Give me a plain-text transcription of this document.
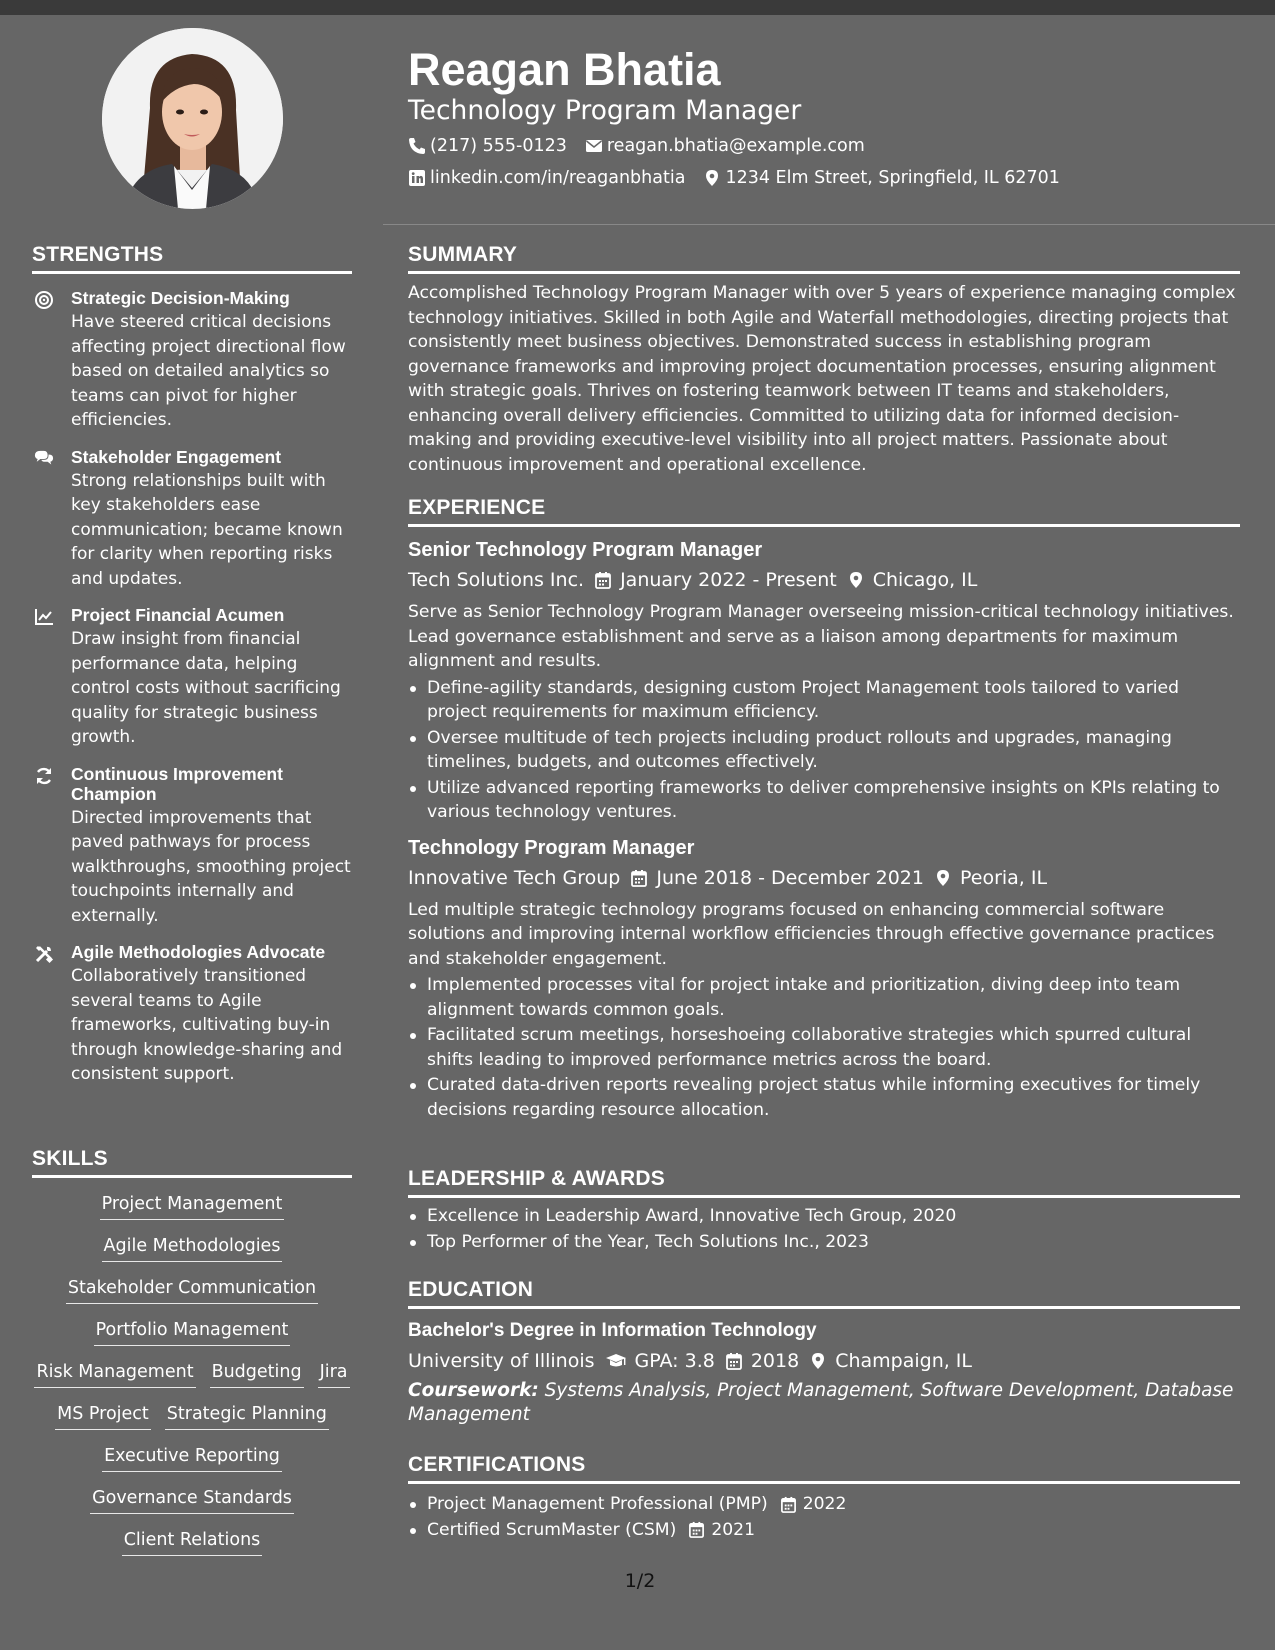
STRENGTHS
Strategic Decision-Making
Have steered critical decisions affecting project directional flow based on detailed analytics so teams can pivot for higher efficiencies.
Stakeholder Engagement
Strong relationships built with key stakeholders ease communication; became known for clarity when reporting risks and updates.
Project Financial Acumen
Draw insight from financial performance data, helping control costs without sacrificing quality for strategic business growth.
Continuous Improvement Champion
Directed improvements that paved pathways for process walkthroughs, smoothing project touchpoints internally and externally.
Agile Methodologies Advocate
Collaboratively transitioned several teams to Agile frameworks, cultivating buy-in through knowledge-sharing and consistent support.
SKILLS
Project Management
Agile Methodologies
Stakeholder Communication
Portfolio Management
Risk Management Budgeting Jira
MS Project Strategic Planning
Executive Reporting
Governance Standards
Client Relations
Reagan Bhatia
Technology Program Manager
(217) 555-0123 reagan.bhatia@example.com
linkedin.com/in/reaganbhatia 1234 Elm Street, Springfield, IL 62701
SUMMARY
Accomplished Technology Program Manager with over 5 years of experience managing complex technology initiatives. Skilled in both Agile and Waterfall methodologies, directing projects that consistently meet business objectives. Demonstrated success in establishing program governance frameworks and improving project documentation processes, ensuring alignment with strategic goals. Thrives on fostering teamwork between IT teams and stakeholders, enhancing overall delivery efficiencies. Committed to utilizing data for informed decision-making and providing executive-level visibility into all project matters. Passionate about continuous improvement and operational excellence.
EXPERIENCE
Senior Technology Program Manager
Tech Solutions Inc. January 2022 - Present Chicago, IL
Serve as Senior Technology Program Manager overseeing mission-critical technology initiatives. Lead governance establishment and serve as a liaison among departments for maximum alignment and results.
Define-agility standards, designing custom Project Management tools tailored to varied project requirements for maximum efficiency.
Oversee multitude of tech projects including product rollouts and upgrades, managing timelines, budgets, and outcomes effectively.
Utilize advanced reporting frameworks to deliver comprehensive insights on KPIs relating to various technology ventures.
Technology Program Manager
Innovative Tech Group June 2018 - December 2021 Peoria, IL
Led multiple strategic technology programs focused on enhancing commercial software solutions and improving internal workflow efficiencies through effective governance practices and stakeholder engagement.
Implemented processes vital for project intake and prioritization, diving deep into team alignment towards common goals.
Facilitated scrum meetings, horseshoeing collaborative strategies which spurred cultural shifts leading to improved performance metrics across the board.
Curated data-driven reports revealing project status while informing executives for timely decisions regarding resource allocation.
LEADERSHIP & AWARDS
Excellence in Leadership Award, Innovative Tech Group, 2020
Top Performer of the Year, Tech Solutions Inc., 2023
EDUCATION
Bachelor's Degree in Information Technology
University of Illinois GPA: 3.8 2018 Champaign, IL
Coursework: Systems Analysis, Project Management, Software Development, Database Management
CERTIFICATIONS
Project Management Professional (PMP) 2022
Certified ScrumMaster (CSM) 2021
1/2
